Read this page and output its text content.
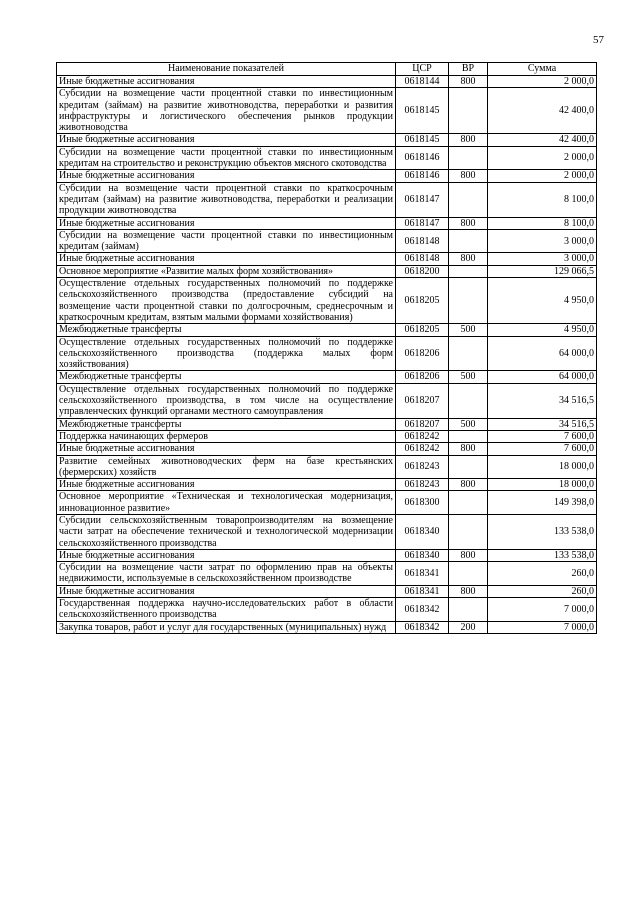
57
Наименование показателей	ЦСР	ВР	Сумма
Иные бюджетные ассигнования	0618144	800	2 000,0
Субсидии на возмещение части процентной ставки по инвестиционным кредитам (займам) на развитие животноводства, переработки и развития инфраструктуры и логистического обеспечения рынков продукции животноводства	0618145		42 400,0
Иные бюджетные ассигнования	0618145	800	42 400,0
Субсидии на возмещение части процентной ставки по инвестиционным кредитам на строительство и реконструкцию объектов мясного скотоводства	0618146		2 000,0
Иные бюджетные ассигнования	0618146	800	2 000,0
Субсидии на возмещение части процентной ставки по краткосрочным кредитам (займам) на развитие животноводства, переработки и реализации продукции животноводства	0618147		8 100,0
Иные бюджетные ассигнования	0618147	800	8 100,0
Субсидии на возмещение части процентной ставки по инвестиционным кредитам (займам)	0618148		3 000,0
Иные бюджетные ассигнования	0618148	800	3 000,0
Основное мероприятие «Развитие малых форм хозяйствования»	0618200		129 066,5
Осуществление отдельных государственных полномочий по поддержке сельскохозяйственного производства (предоставление субсидий на возмещение части процентной ставки по долгосрочным, среднесрочным и краткосрочным кредитам, взятым малыми формами хозяйствования)	0618205		4 950,0
Межбюджетные трансферты	0618205	500	4 950,0
Осуществление отдельных государственных полномочий по поддержке сельскохозяйственного производства (поддержка малых форм хозяйствования)	0618206		64 000,0
Межбюджетные трансферты	0618206	500	64 000,0
Осуществление отдельных государственных полномочий по поддержке сельскохозяйственного производства, в том числе на осуществление управленческих функций органами местного самоуправления	0618207		34 516,5
Межбюджетные трансферты	0618207	500	34 516,5
Поддержка начинающих фермеров	0618242		7 600,0
Иные бюджетные ассигнования	0618242	800	7 600,0
Развитие семейных животноводческих ферм на базе крестьянских (фермерских) хозяйств	0618243		18 000,0
Иные бюджетные ассигнования	0618243	800	18 000,0
Основное мероприятие «Техническая и технологическая модернизация, инновационное развитие»	0618300		149 398,0
Субсидии сельскохозяйственным товаропроизводителям на возмещение части затрат на обеспечение технической и технологической модернизации сельскохозяйственного производства	0618340		133 538,0
Иные бюджетные ассигнования	0618340	800	133 538,0
Субсидии на возмещение части затрат по оформлению прав на объекты недвижимости, используемые в сельскохозяйственном производстве	0618341		260,0
Иные бюджетные ассигнования	0618341	800	260,0
Государственная поддержка научно-исследовательских работ в области сельскохозяйственного производства	0618342		7 000,0
Закупка товаров, работ и услуг для государственных (муниципальных) нужд	0618342	200	7 000,0
